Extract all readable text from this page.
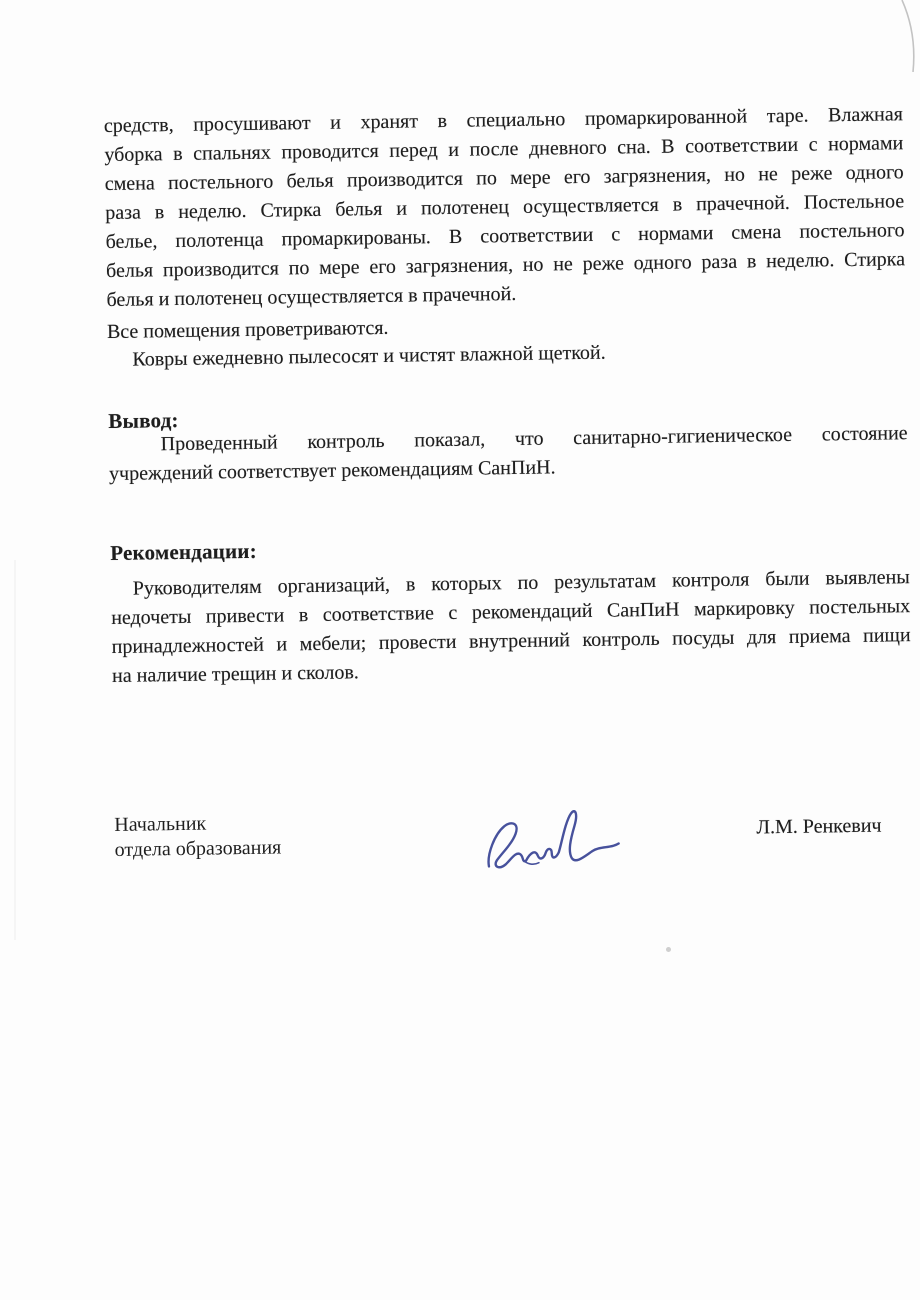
средств, просушивают и хранят в специально промаркированной таре. Влажная
уборка в спальнях проводится перед и после дневного сна. В соответствии с нормами
смена постельного белья производится по мере его загрязнения, но не реже одного
раза в неделю. Стирка белья и полотенец осуществляется в прачечной. Постельное
белье, полотенца промаркированы. В соответствии с нормами смена постельного
белья производится по мере его загрязнения, но не реже одного раза в неделю. Стирка
белья и полотенец осуществляется в прачечной.
Все помещения проветриваются.
Ковры ежедневно пылесосят и чистят влажной щеткой.
Вывод:
Проведенный контроль показал, что санитарно-гигиеническое состояние
учреждений соответствует рекомендациям СанПиН.
Рекомендации:
Руководителям организаций, в которых по результатам контроля были выявлены
недочеты привести в соответствие с рекомендаций СанПиН маркировку постельных
принадлежностей и мебели; провести внутренний контроль посуды для приема пищи
на наличие трещин и сколов.
Начальник
отдела образования
Л.М. Ренкевич
